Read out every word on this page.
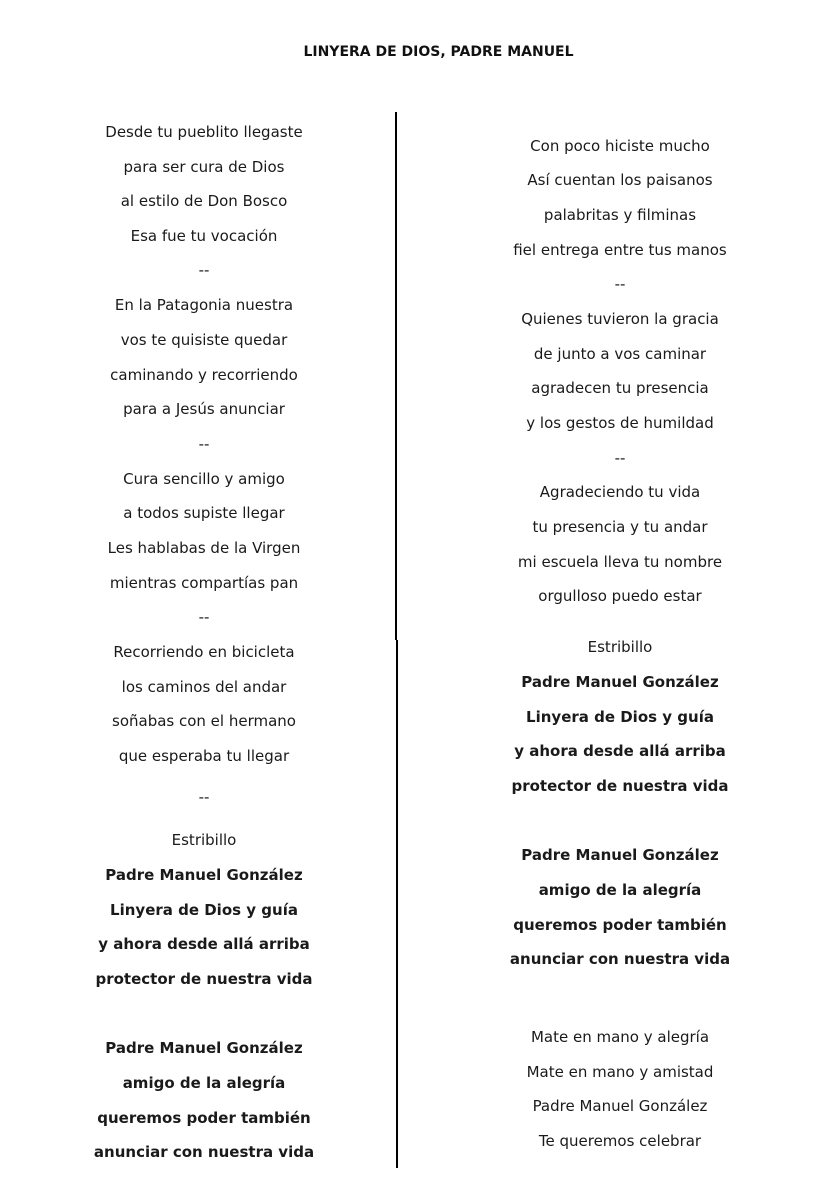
LINYERA DE DIOS, PADRE MANUEL
Desde tu pueblito llegaste
para ser cura de Dios
al estilo de Don Bosco
Esa fue tu vocación
--
En la Patagonia nuestra
vos te quisiste quedar
caminando y recorriendo
para a Jesús anunciar
--
Cura sencillo y amigo
a todos supiste llegar
Les hablabas de la Virgen
mientras compartías pan
--
Recorriendo en bicicleta
los caminos del andar
soñabas con el hermano
que esperaba tu llegar
--
Estribillo
Padre Manuel González
Linyera de Dios y guía
y ahora desde allá arriba
protector de nuestra vida
Padre Manuel González
amigo de la alegría
queremos poder también
anunciar con nuestra vida
Con poco hiciste mucho
Así cuentan los paisanos
palabritas y filminas
fiel entrega entre tus manos
--
Quienes tuvieron la gracia
de junto a vos caminar
agradecen tu presencia
y los gestos de humildad
--
Agradeciendo tu vida
tu presencia y tu andar
mi escuela lleva tu nombre
orgulloso puedo estar
Estribillo
Padre Manuel González
Linyera de Dios y guía
y ahora desde allá arriba
protector de nuestra vida
Padre Manuel González
amigo de la alegría
queremos poder también
anunciar con nuestra vida
Mate en mano y alegría
Mate en mano y amistad
Padre Manuel González
Te queremos celebrar
